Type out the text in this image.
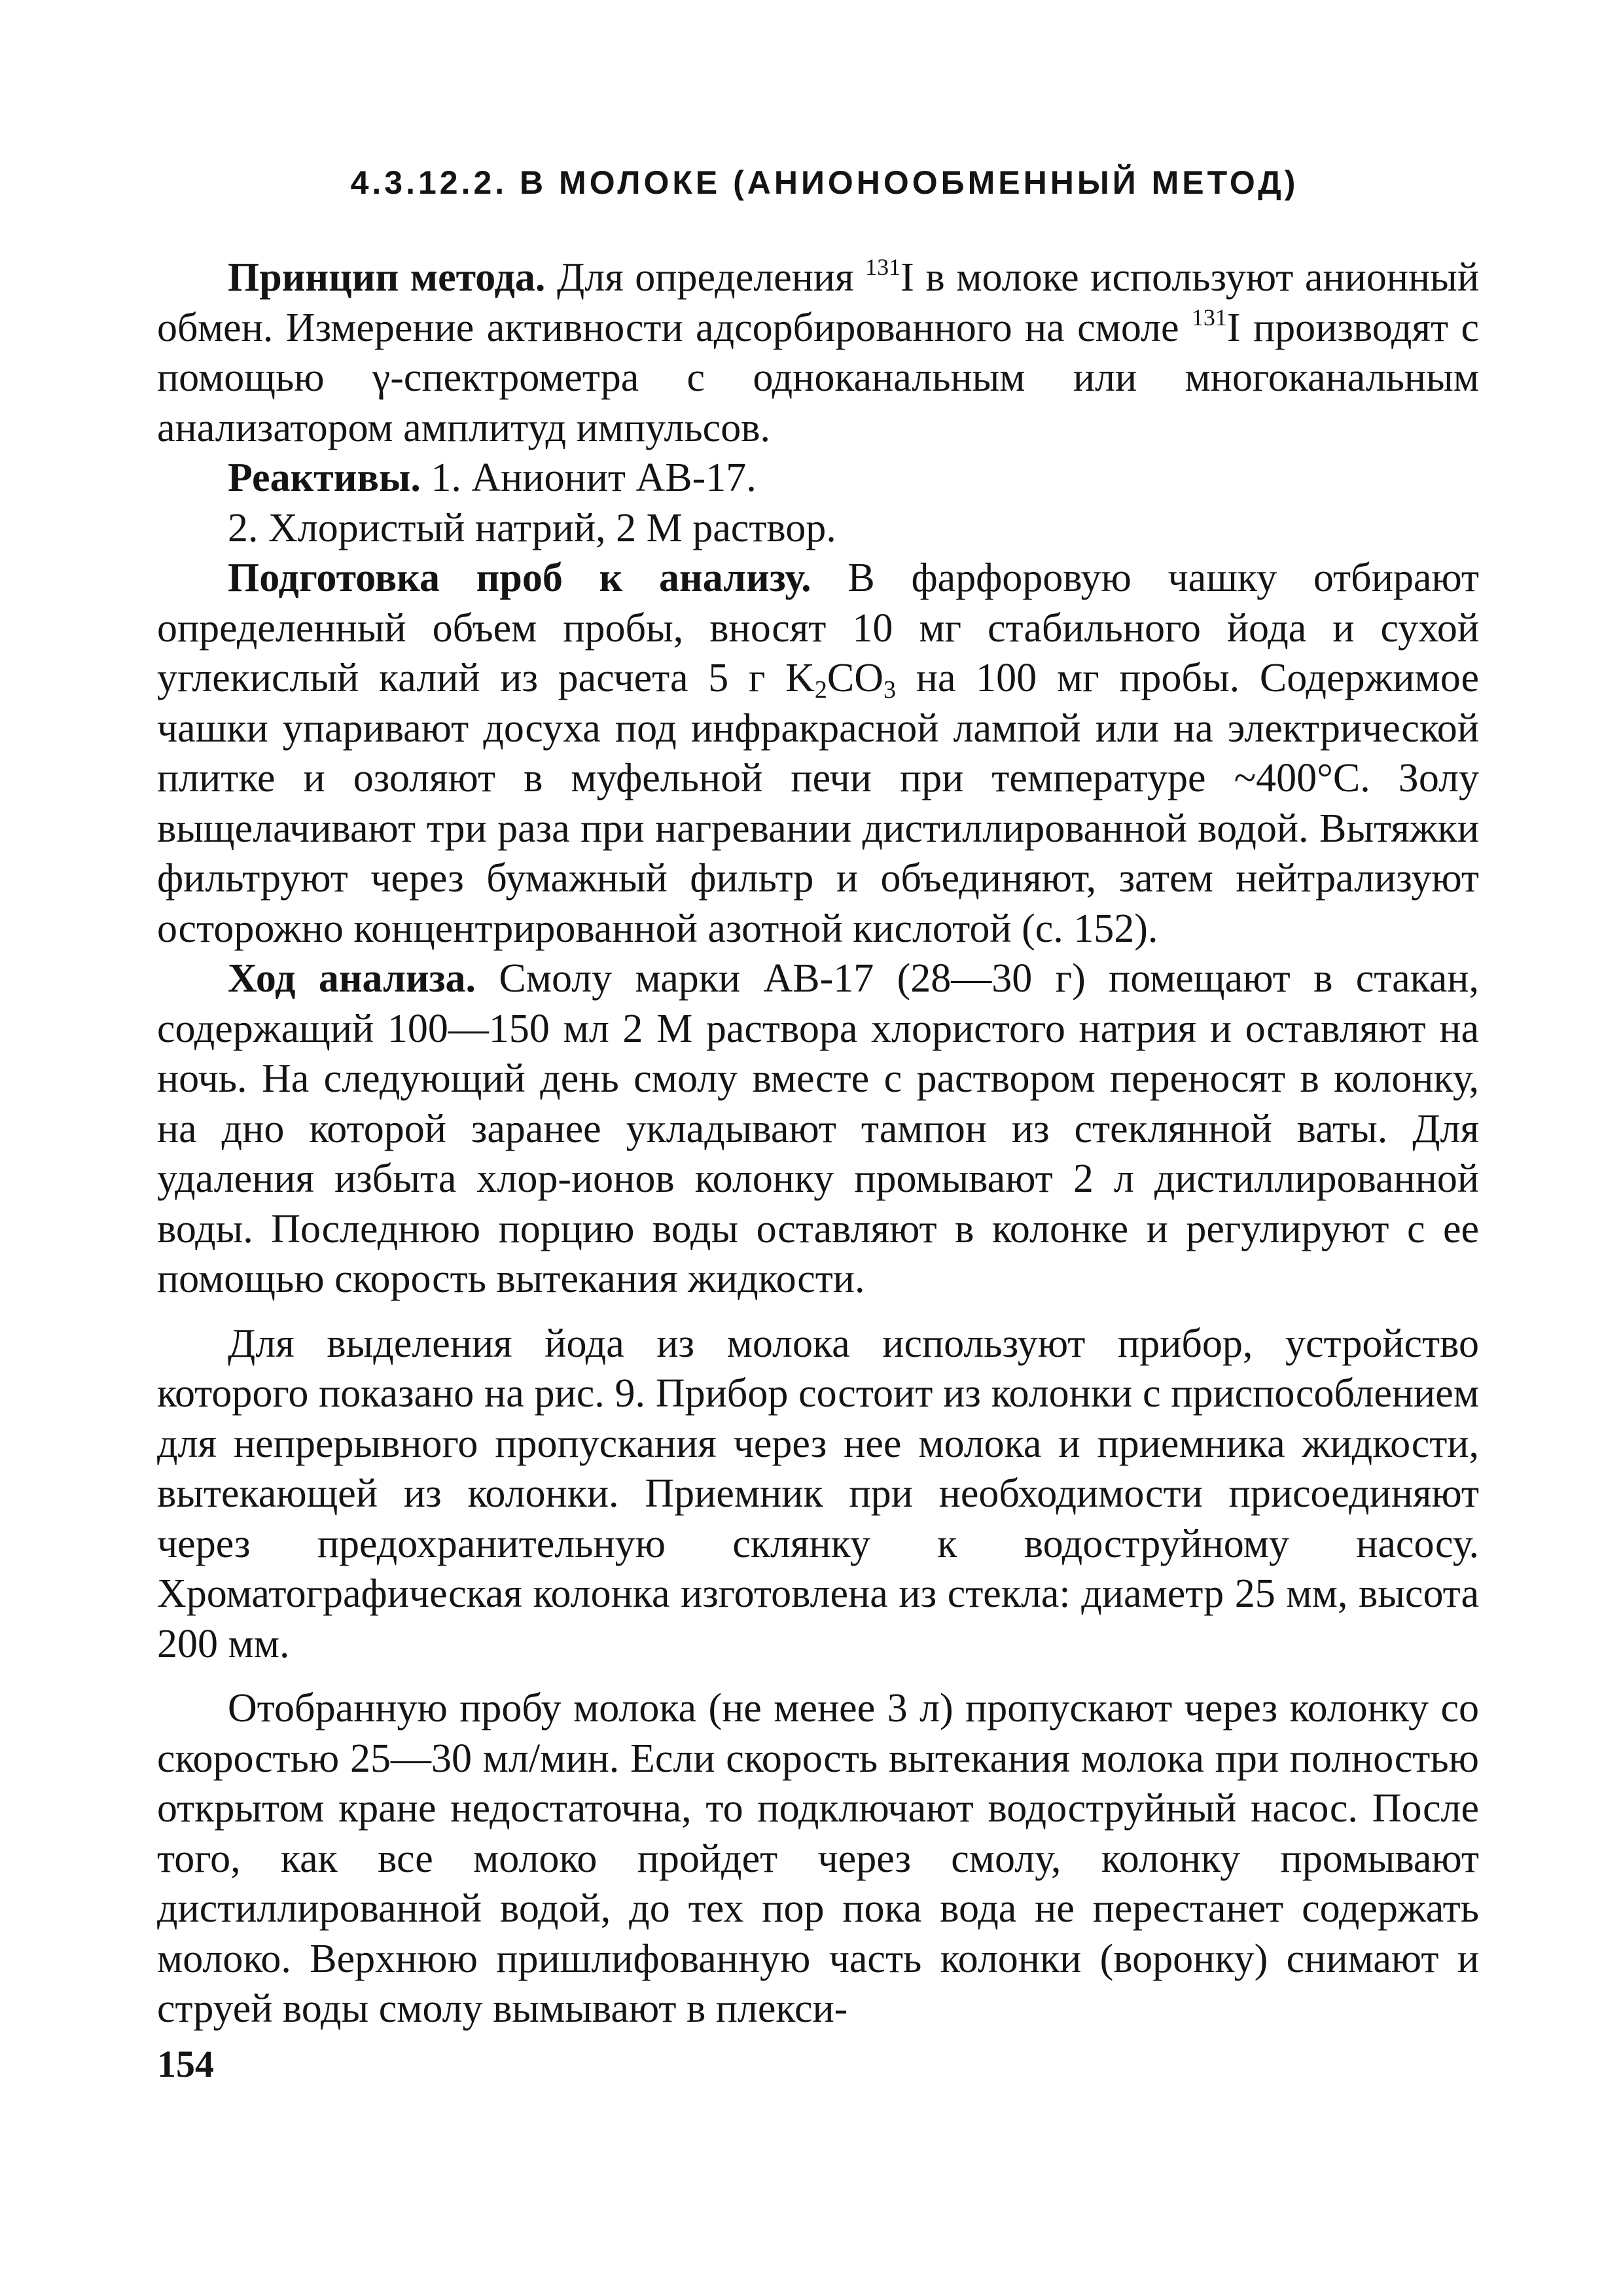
4.3.12.2. В МОЛОКЕ (АНИОНООБМЕННЫЙ МЕТОД)

Принцип метода. Для определения $^{131}$I в молоке используют анионный обмен. Измерение активности адсорбированного на смоле $^{131}$I производят с помощью γ-спектрометра с одноканальным или многоканальным анализатором амплитуд импульсов.

Реактивы. 1. Анионит АВ-17.

2. Хлористый натрий, 2 М раствор.

Подготовка проб к анализу. В фарфоровую чашку отбирают определенный объем пробы, вносят 10 мг стабильного йода и сухой углекислый калий из расчета 5 г $K_2CO_3$ на 100 мг пробы. Содержимое чашки упаривают досуха под инфракрасной лампой или на электрической плитке и озоляют в муфельной печи при температуре ~400°C. Золу выщелачивают три раза при нагревании дистиллированной водой. Вытяжки фильтруют через бумажный фильтр и объединяют, затем нейтрализуют осторожно концентрированной азотной кислотой (с. 152).

Ход анализа. Смолу марки АВ-17 (28—30 г) помещают в стакан, содержащий 100—150 мл 2 М раствора хлористого натрия и оставляют на ночь. На следующий день смолу вместе с раствором переносят в колонку, на дно которой заранее укладывают тампон из стеклянной ваты. Для удаления избыта хлор-ионов колонку промывают 2 л дистиллированной воды. Последнюю порцию воды оставляют в колонке и регулируют с ее помощью скорость вытекания жидкости.

Для выделения йода из молока используют прибор, устройство которого показано на рис. 9. Прибор состоит из колонки с приспособлением для непрерывного пропускания через нее молока и приемника жидкости, вытекающей из колонки. Приемник при необходимости присоединяют через предохранительную склянку к водоструйному насосу. Хроматографическая колонка изготовлена из стекла: диаметр 25 мм, высота 200 мм.

Отобранную пробу молока (не менее 3 л) пропускают через колонку со скоростью 25—30 мл/мин. Если скорость вытекания молока при полностью открытом кране недостаточна, то подключают водоструйный насос. После того, как все молоко пройдет через смолу, колонку промывают дистиллированной водой, до тех пор пока вода не перестанет содержать молоко. Верхнюю пришлифованную часть колонки (воронку) снимают и струей воды смолу вымывают в плекси-

154
